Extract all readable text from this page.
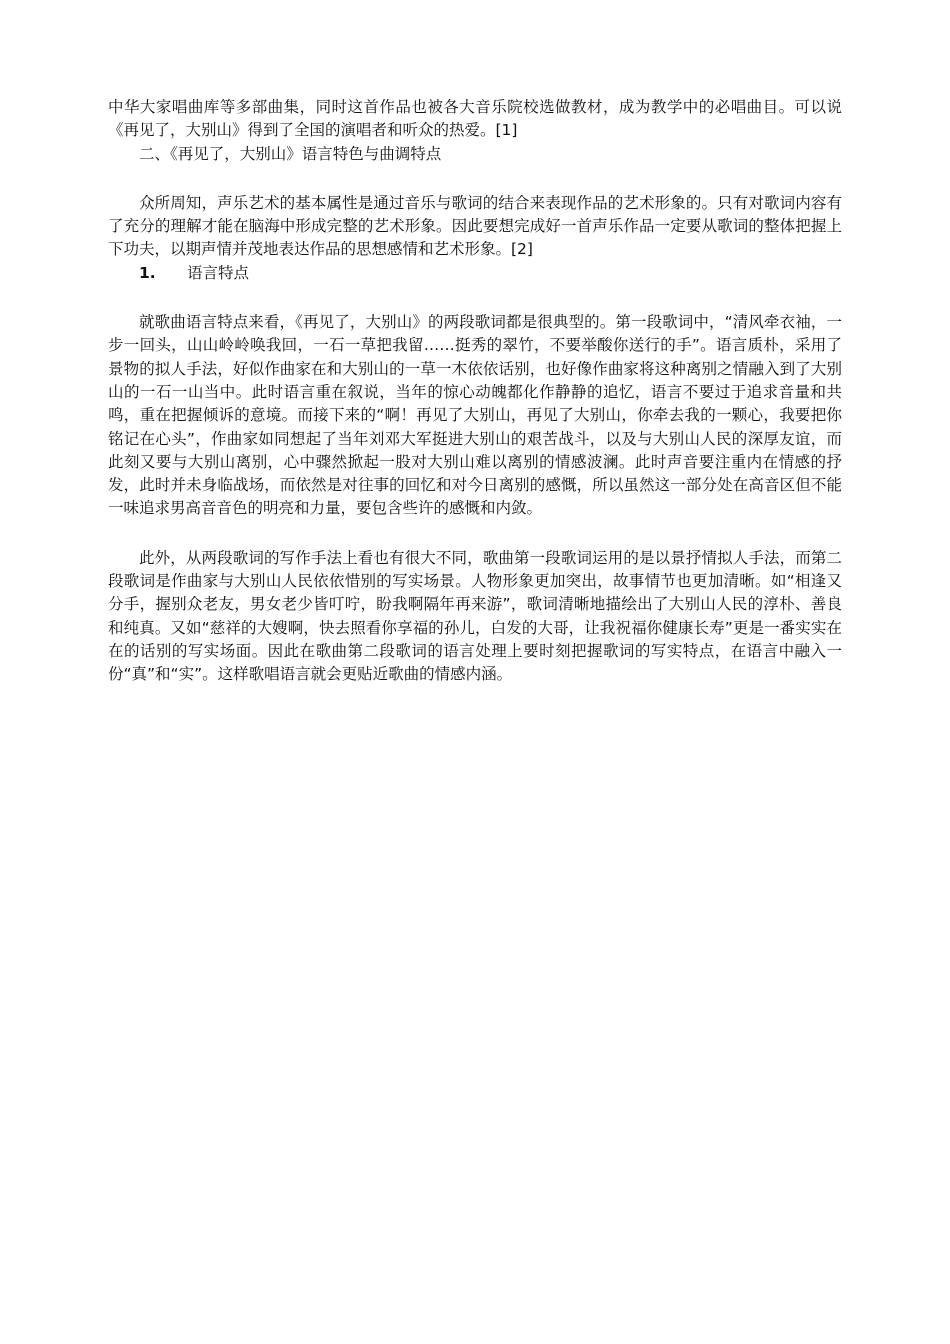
中华大家唱曲库等多部曲集，同时这首作品也被各大音乐院校选做教材，成为教学中的必唱曲目。可以说《再见了，大别山》得到了全国的演唱者和听众的热爱。[1]

二、《再见了，大别山》语言特色与曲调特点

众所周知，声乐艺术的基本属性是通过音乐与歌词的结合来表现作品的艺术形象的。只有对歌词内容有了充分的理解才能在脑海中形成完整的艺术形象。因此要想完成好一首声乐作品一定要从歌词的整体把握上下功夫，以期声情并茂地表达作品的思想感情和艺术形象。[2]

1.	语言特点

就歌曲语言特点来看，《再见了，大别山》的两段歌词都是很典型的。第一段歌词中，“清风牵衣袖，一步一回头，山山岭岭唤我回，一石一草把我留……挺秀的翠竹，不要举酸你送行的手”。语言质朴，采用了景物的拟人手法，好似作曲家在和大别山的一草一木依依话别，也好像作曲家将这种离别之情融入到了大别山的一石一山当中。此时语言重在叙说，当年的惊心动魄都化作静静的追忆，语言不要过于追求音量和共鸣，重在把握倾诉的意境。而接下来的“啊！再见了大别山，再见了大别山，你牵去我的一颗心，我要把你铭记在心头”，作曲家如同想起了当年刘邓大军挺进大别山的艰苦战斗，以及与大别山人民的深厚友谊，而此刻又要与大别山离别，心中骤然掀起一股对大别山难以离别的情感波澜。此时声音要注重内在情感的抒发，此时并未身临战场，而依然是对往事的回忆和对今日离别的感慨，所以虽然这一部分处在高音区但不能一味追求男高音音色的明亮和力量，要包含些许的感慨和内敛。

此外，从两段歌词的写作手法上看也有很大不同，歌曲第一段歌词运用的是以景抒情拟人手法，而第二段歌词是作曲家与大别山人民依依惜别的写实场景。人物形象更加突出，故事情节也更加清晰。如“相逢又分手，握别众老友，男女老少皆叮咛，盼我啊隔年再来游”，歌词清晰地描绘出了大别山人民的淳朴、善良和纯真。又如“慈祥的大嫂啊，快去照看你享福的孙儿，白发的大哥，让我祝福你健康长寿”更是一番实实在在的话别的写实场面。因此在歌曲第二段歌词的语言处理上要时刻把握歌词的写实特点，在语言中融入一份“真”和“实”。这样歌唱语言就会更贴近歌曲的情感内涵。
